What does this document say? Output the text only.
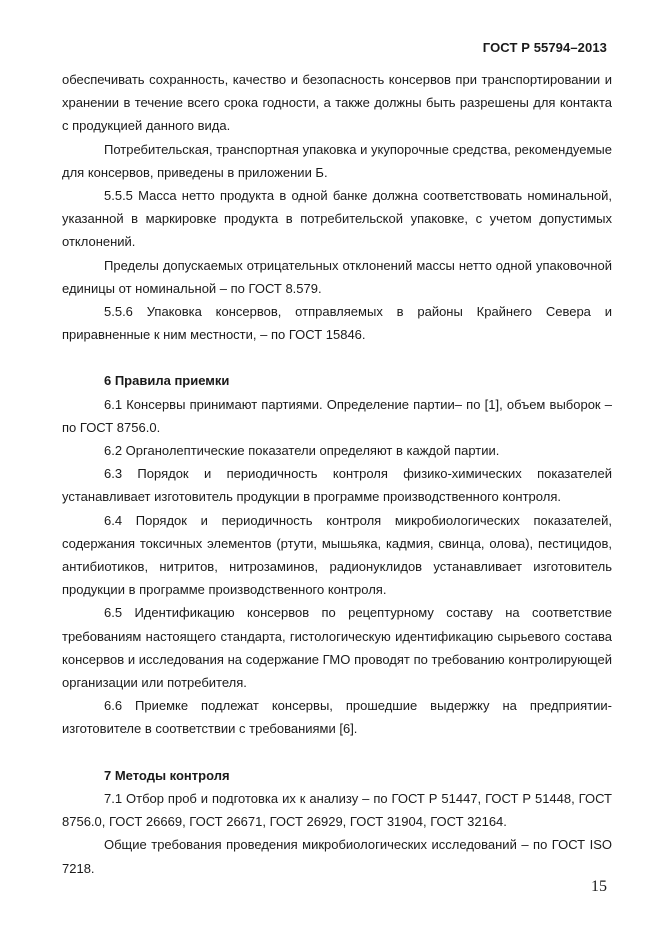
ГОСТ Р 55794–2013

обеспечивать сохранность, качество и безопасность консервов при транспортировании и хранении в течение всего срока годности, а также должны быть разрешены для контакта с продукцией данного вида.

Потребительская, транспортная упаковка и укупорочные средства, рекомендуемые для консервов, приведены в приложении Б.

5.5.5 Масса нетто продукта в одной банке должна соответствовать номинальной, указанной в маркировке продукта в потребительской упаковке, с учетом допустимых отклонений.

Пределы допускаемых отрицательных отклонений массы нетто одной упаковочной единицы от номинальной – по ГОСТ 8.579.

5.5.6 Упаковка консервов, отправляемых в районы Крайнего Севера и приравненные к ним местности, – по ГОСТ 15846.

6 Правила приемки

6.1 Консервы принимают партиями. Определение партии– по [1], объем выборок – по ГОСТ 8756.0.

6.2 Органолептические показатели определяют в каждой партии.

6.3 Порядок и периодичность контроля физико-химических показателей устанавливает изготовитель продукции в программе производственного контроля.

6.4 Порядок и периодичность контроля микробиологических показателей, содержания токсичных элементов (ртути, мышьяка, кадмия, свинца, олова), пестицидов, антибиотиков, нитритов, нитрозаминов, радионуклидов устанавливает изготовитель продукции в программе производственного контроля.

6.5 Идентификацию консервов по рецептурному составу на соответствие требованиям настоящего стандарта, гистологическую идентификацию сырьевого состава консервов и исследования на содержание ГМО проводят по требованию контролирующей организации или потребителя.

6.6 Приемке подлежат консервы, прошедшие выдержку на предприятии-изготовителе в соответствии с требованиями [6].

7 Методы контроля

7.1 Отбор проб и подготовка их к анализу – по ГОСТ Р 51447, ГОСТ Р 51448, ГОСТ 8756.0, ГОСТ 26669, ГОСТ 26671, ГОСТ 26929, ГОСТ 31904, ГОСТ 32164.

Общие требования проведения микробиологических исследований – по ГОСТ ISO 7218.

15
